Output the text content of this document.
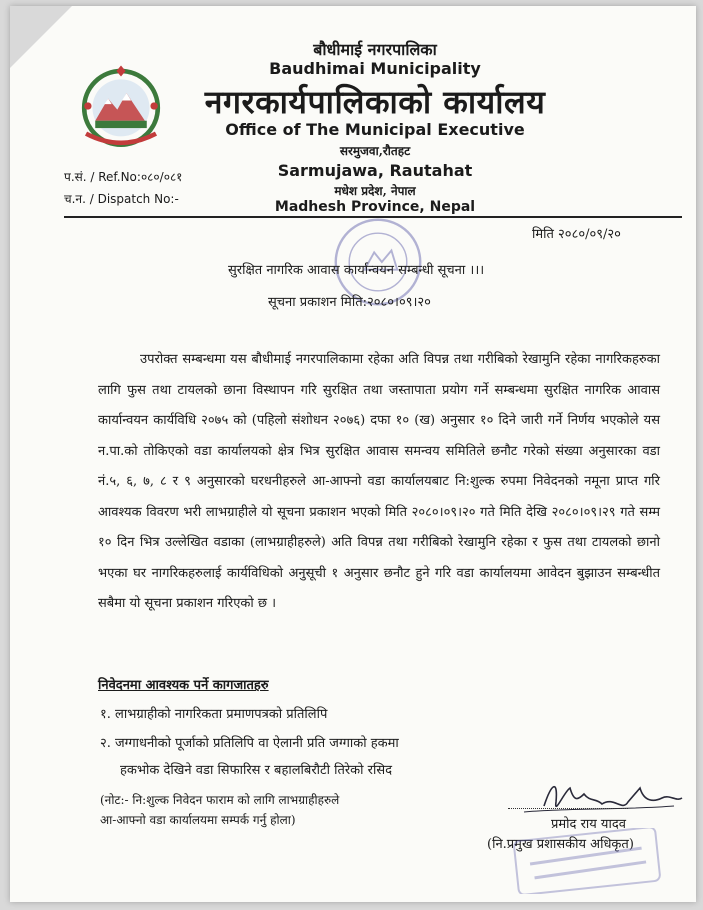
बौधीमाई नगरपालिका
Baudhimai Municipality
नगरकार्यपालिकाको कार्यालय
Office of The Municipal Executive
सरमुजवा,रौतहट
Sarmujawa, Rautahat
मधेश प्रदेश, नेपाल
Madhesh Province, Nepal
प.सं. / Ref.No:०८०/०८१
च.न. / Dispatch No:-
मिति २०८०/०९/२०
सुरक्षित नागरिक आवास कार्यान्वयन सम्बन्धी सूचना ।।।
सूचना प्रकाशन मिति:२०८०।०९।२०
उपरोक्त सम्बन्धमा यस बौधीमाई नगरपालिकामा रहेका अति विपन्न तथा गरीबिको रेखामुनि रहेका नागरिकहरुका लागि फुस तथा टायलको छाना विस्थापन गरि सुरक्षित तथा जस्तापाता प्रयोग गर्ने सम्बन्धमा सुरक्षित नागरिक आवास कार्यान्वयन कार्यविधि २०७५ को (पहिलो संशोधन २०७६) दफा १० (ख) अनुसार १० दिने जारी गर्ने निर्णय भएकोले यस न.पा.को तोकिएको वडा कार्यालयको क्षेत्र भित्र सुरक्षित आवास समन्वय समितिले छनौट गरेको संख्या अनुसारका वडा नं.५, ६, ७, ८ र ९ अनुसारको घरधनीहरुले आ-आफ्नो वडा कार्यालयबाट नि:शुल्क रुपमा निवेदनको नमूना प्राप्त गरि आवश्यक विवरण भरी लाभग्राहीले यो सूचना प्रकाशन भएको मिति २०८०।०९।२० गते मिति देखि २०८०।०९।२९ गते सम्म १० दिन भित्र उल्लेखित वडाका (लाभग्राहीहरुले) अति विपन्न तथा गरीबिको रेखामुनि रहेका र फुस तथा टायलको छानो भएका घर नागरिकहरुलाई कार्यविधिको अनुसूची १ अनुसार छनौट हुने गरि वडा कार्यालयमा आवेदन बुझाउन सम्बन्धीत सबैमा यो सूचना प्रकाशन गरिएको छ ।
निवेदनमा आवश्यक पर्ने कागजातहरु
१. लाभग्राहीको नागरिकता प्रमाणपत्रको प्रतिलिपि
२. जग्गाधनीको पूर्जाको प्रतिलिपि वा ऐलानी प्रति जग्गाको हकमा
हकभोक देखिने वडा सिफारिस र बहालबिरौटी तिरेको रसिद
(नोट:- नि:शुल्क निवेदन फाराम को लागि लाभग्राहीहरुले
आ-आफ्नो वडा कार्यालयमा सम्पर्क गर्नु होला)	प्रमोद राय यादव
(नि.प्रमुख प्रशासकीय अधिकृत)
